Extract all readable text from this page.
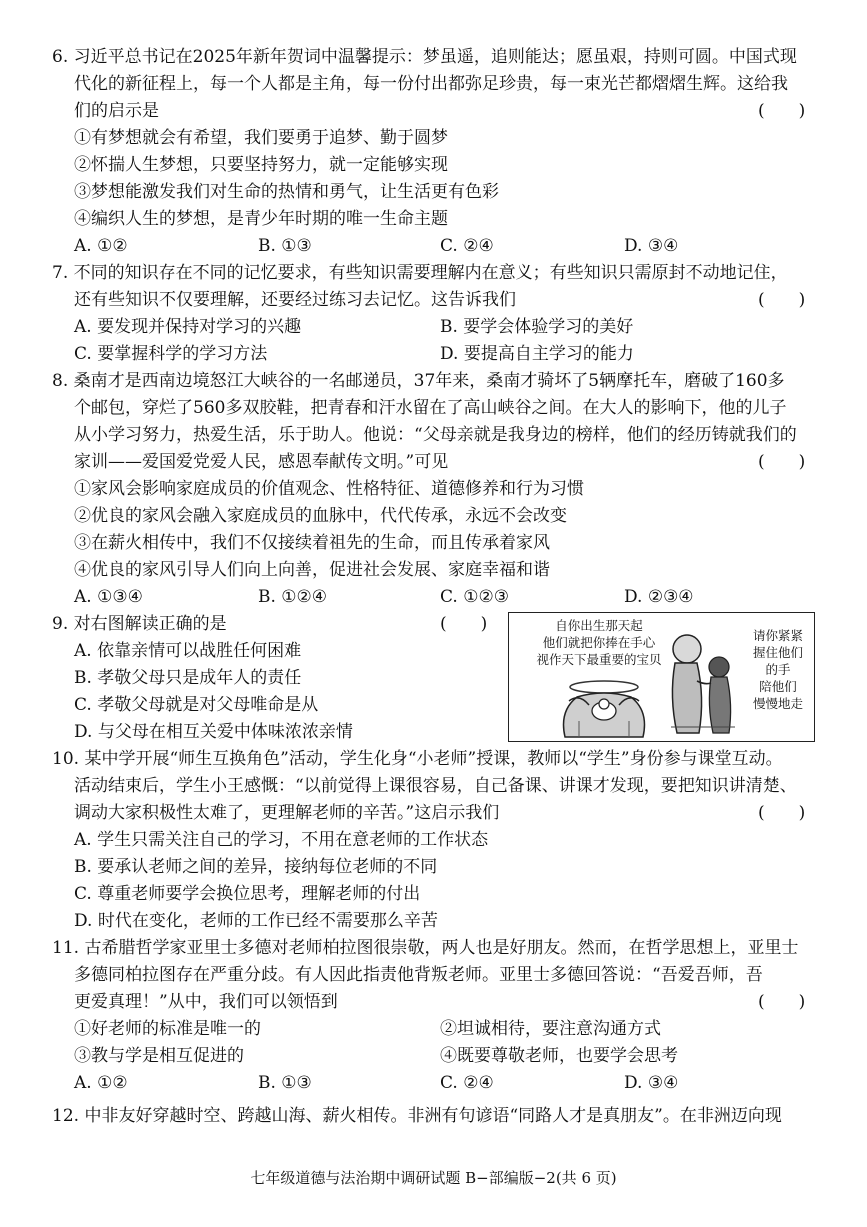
6. 习近平总书记在2025年新年贺词中温馨提示：梦虽遥，追则能达；愿虽艰，持则可圆。中国式现
代化的新征程上，每一个人都是主角，每一份付出都弥足珍贵，每一束光芒都熠熠生辉。这给我
们的启示是	(　　)
①有梦想就会有希望，我们要勇于追梦、勤于圆梦
②怀揣人生梦想，只要坚持努力，就一定能够实现
③梦想能激发我们对生命的热情和勇气，让生活更有色彩
④编织人生的梦想，是青少年时期的唯一生命主题
A. ①②	B. ①③	C. ②④	D. ③④
7. 不同的知识存在不同的记忆要求，有些知识需要理解内在意义；有些知识只需原封不动地记住，
还有些知识不仅要理解，还要经过练习去记忆。这告诉我们	(　　)
A. 要发现并保持对学习的兴趣	B. 要学会体验学习的美好
C. 要掌握科学的学习方法	D. 要提高自主学习的能力
8. 桑南才是西南边境怒江大峡谷的一名邮递员，37年来，桑南才骑坏了5辆摩托车，磨破了160多
个邮包，穿烂了560多双胶鞋，把青春和汗水留在了高山峡谷之间。在大人的影响下，他的儿子
从小学习努力，热爱生活，乐于助人。他说：“父母亲就是我身边的榜样，他们的经历铸就我们的
家训——爱国爱党爱人民，感恩奉献传文明。”可见	(　　)
①家风会影响家庭成员的价值观念、性格特征、道德修养和行为习惯
②优良的家风会融入家庭成员的血脉中，代代传承，永远不会改变
③在薪火相传中，我们不仅接续着祖先的生命，而且传承着家风
④优良的家风引导人们向上向善，促进社会发展、家庭幸福和谐
A. ①③④	B. ①②④	C. ①②③	D. ②③④
9. 对右图解读正确的是	(　　)
A. 依靠亲情可以战胜任何困难
B. 孝敬父母只是成年人的责任
C. 孝敬父母就是对父母唯命是从
D. 与父母在相互关爱中体味浓浓亲情
自你出生那天起
他们就把你捧在手心
视作天下最重要的宝贝
请你紧紧
握住他们
的手
陪他们
慢慢地走
10. 某中学开展“师生互换角色”活动，学生化身“小老师”授课，教师以“学生”身份参与课堂互动。
活动结束后，学生小王感慨：“以前觉得上课很容易，自己备课、讲课才发现，要把知识讲清楚、
调动大家积极性太难了，更理解老师的辛苦。”这启示我们	(　　)
A. 学生只需关注自己的学习，不用在意老师的工作状态
B. 要承认老师之间的差异，接纳每位老师的不同
C. 尊重老师要学会换位思考，理解老师的付出
D. 时代在变化，老师的工作已经不需要那么辛苦
11. 古希腊哲学家亚里士多德对老师柏拉图很崇敬，两人也是好朋友。然而，在哲学思想上，亚里士
多德同柏拉图存在严重分歧。有人因此指责他背叛老师。亚里士多德回答说：“吾爱吾师，吾
更爱真理！”从中，我们可以领悟到	(　　)
①好老师的标准是唯一的	②坦诚相待，要注意沟通方式
③教与学是相互促进的	④既要尊敬老师，也要学会思考
A. ①②	B. ①③	C. ②④	D. ③④
12. 中非友好穿越时空、跨越山海、薪火相传。非洲有句谚语“同路人才是真朋友”。在非洲迈向现
七年级道德与法治期中调研试题 B−部编版−2(共 6 页)
